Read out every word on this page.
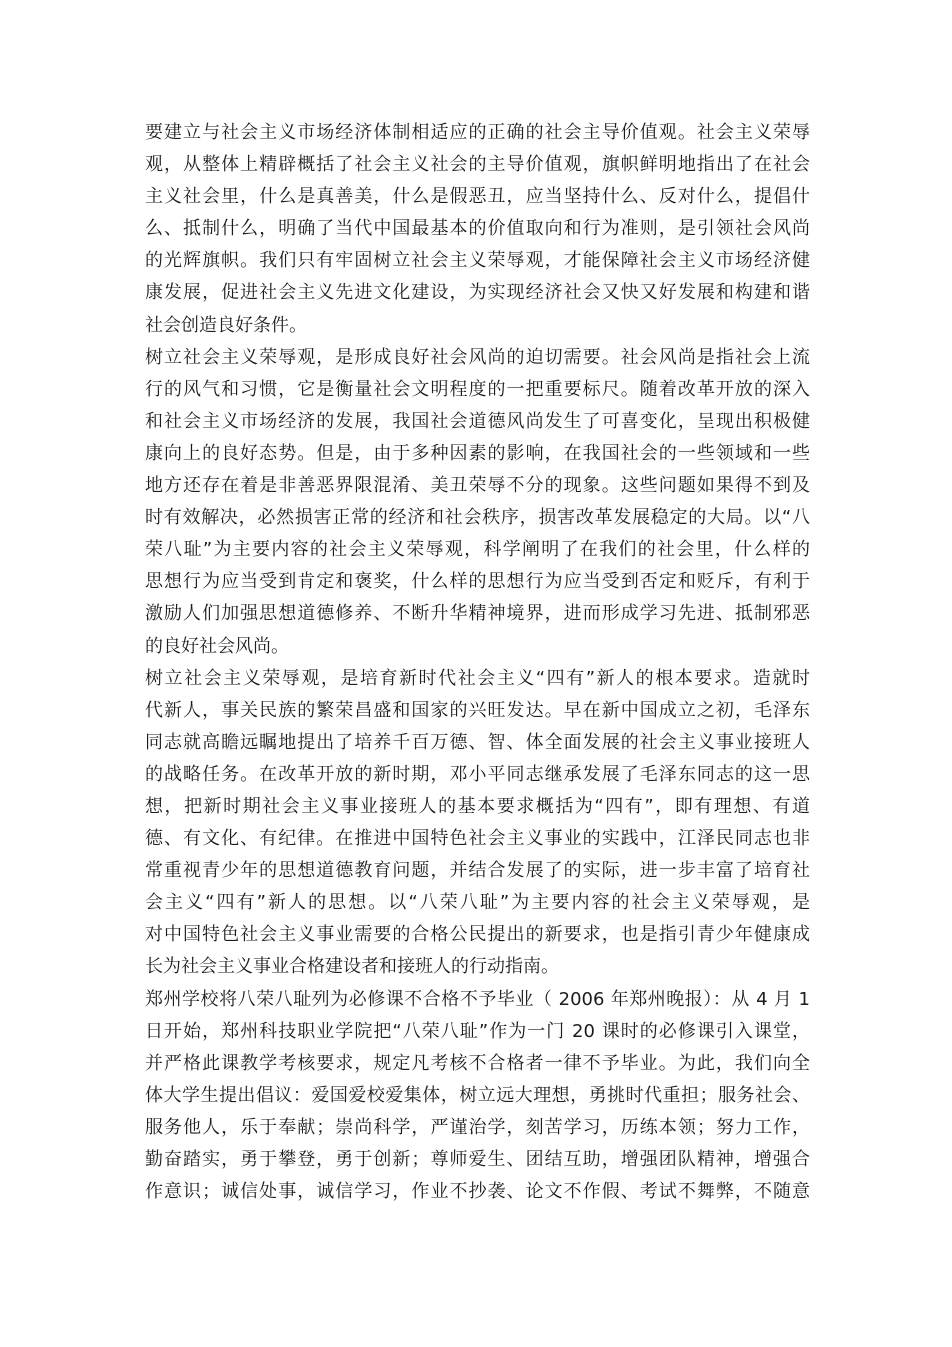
要建立与社会主义市场经济体制相适应的正确的社会主导价值观。社会主义荣辱
观，从整体上精辟概括了社会主义社会的主导价值观，旗帜鲜明地指出了在社会
主义社会里，什么是真善美，什么是假恶丑，应当坚持什么、反对什么，提倡什
么、抵制什么，明确了当代中国最基本的价值取向和行为准则，是引领社会风尚
的光辉旗帜。我们只有牢固树立社会主义荣辱观，才能保障社会主义市场经济健
康发展，促进社会主义先进文化建设，为实现经济社会又快又好发展和构建和谐
社会创造良好条件。
树立社会主义荣辱观，是形成良好社会风尚的迫切需要。社会风尚是指社会上流
行的风气和习惯，它是衡量社会文明程度的一把重要标尺。随着改革开放的深入
和社会主义市场经济的发展，我国社会道德风尚发生了可喜变化，呈现出积极健
康向上的良好态势。但是，由于多种因素的影响，在我国社会的一些领域和一些
地方还存在着是非善恶界限混淆、美丑荣辱不分的现象。这些问题如果得不到及
时有效解决，必然损害正常的经济和社会秩序，损害改革发展稳定的大局。以“八
荣八耻”为主要内容的社会主义荣辱观，科学阐明了在我们的社会里，什么样的
思想行为应当受到肯定和褒奖，什么样的思想行为应当受到否定和贬斥，有利于
激励人们加强思想道德修养、不断升华精神境界，进而形成学习先进、抵制邪恶
的良好社会风尚。
树立社会主义荣辱观，是培育新时代社会主义“四有”新人的根本要求。造就时
代新人，事关民族的繁荣昌盛和国家的兴旺发达。早在新中国成立之初，毛泽东
同志就高瞻远瞩地提出了培养千百万德、智、体全面发展的社会主义事业接班人
的战略任务。在改革开放的新时期，邓小平同志继承发展了毛泽东同志的这一思
想，把新时期社会主义事业接班人的基本要求概括为“四有”，即有理想、有道
德、有文化、有纪律。在推进中国特色社会主义事业的实践中，江泽民同志也非
常重视青少年的思想道德教育问题，并结合发展了的实际，进一步丰富了培育社
会主义“四有”新人的思想。以“八荣八耻”为主要内容的社会主义荣辱观，是
对中国特色社会主义事业需要的合格公民提出的新要求，也是指引青少年健康成
长为社会主义事业合格建设者和接班人的行动指南。
郑州学校将八荣八耻列为必修课不合格不予毕业（ 2006 年郑州晚报）：从 4 月 1
日开始，郑州科技职业学院把“八荣八耻”作为一门 20 课时的必修课引入课堂，
并严格此课教学考核要求，规定凡考核不合格者一律不予毕业。为此，我们向全
体大学生提出倡议：爱国爱校爱集体，树立远大理想，勇挑时代重担；服务社会、
服务他人，乐于奉献；崇尚科学，严谨治学，刻苦学习，历练本领；努力工作，
勤奋踏实，勇于攀登，勇于创新；尊师爱生、团结互助，增强团队精神，增强合
作意识；诚信处事，诚信学习，作业不抄袭、论文不作假、考试不舞弊，不随意
